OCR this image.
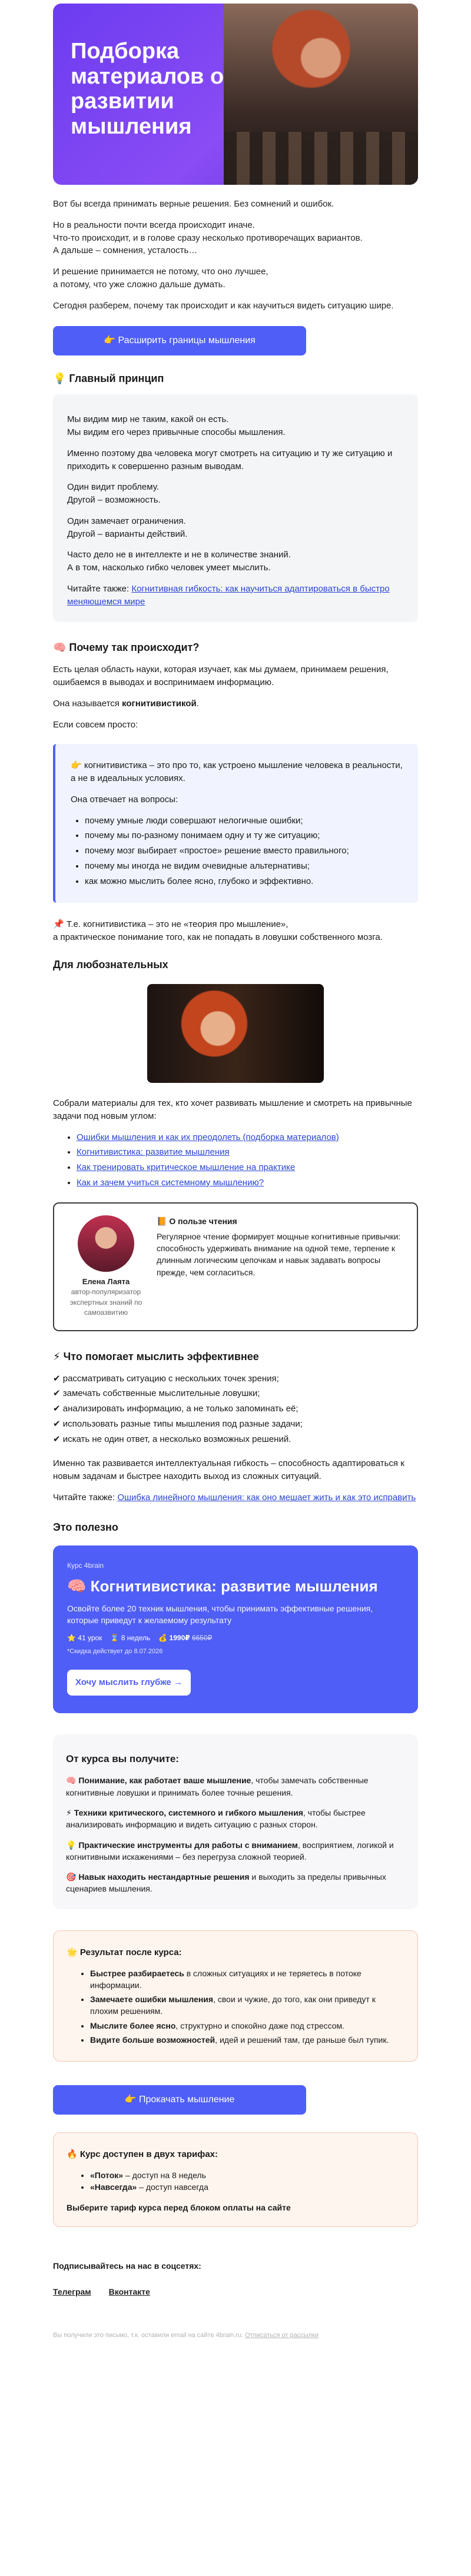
Подборка материалов о развитии мышления

Вот бы всегда принимать верные решения. Без сомнений и ошибок.

Но в реальности почти всегда происходит иначе.
Что-то происходит, и в голове сразу несколько противоречащих вариантов.
А дальше – сомнения, усталость…

И решение принимается не потому, что оно лучшее,
а потому, что уже сложно дальше думать.

Сегодня разберем, почему так происходит и как научиться видеть ситуацию шире.

👉 Расширить границы мышления
💡 Главный принцип

Мы видим мир не таким, какой он есть.
Мы видим его через привычные способы мышления.

Именно поэтому два человека могут смотреть на ситуацию и ту же ситуацию и приходить к совершенно разным выводам.

Один видит проблему.
Другой – возможность.

Один замечает ограничения.
Другой – варианты действий.

Часто дело не в интеллекте и не в количестве знаний.
А в том, насколько гибко человек умеет мыслить.

Читайте также: Когнитивная гибкость: как научиться адаптироваться в быстро меняющемся мире

🧠 Почему так происходит?

Есть целая область науки, которая изучает, как мы думаем, принимаем решения, ошибаемся в выводах и воспринимаем информацию.

Она называется когнитивистикой.

Если совсем просто:

👉 когнитивистика – это про то, как устроено мышление человека в реальности, а не в идеальных условиях.

Она отвечает на вопросы:

• почему умные люди совершают нелогичные ошибки;
• почему мы по-разному понимаем одну и ту же ситуацию;
• почему мозг выбирает «простое» решение вместо правильного;
• почему мы иногда не видим очевидные альтернативы;
• как можно мыслить более ясно, глубоко и эффективно.

📌 Т.е. когнитивистика – это не «теория про мышление»,
а практическое понимание того, как не попадать в ловушки собственного мозга.

Для любознательных

Собрали материалы для тех, кто хочет развивать мышление и смотреть на привычные задачи под новым углом:

• Ошибки мышления и как их преодолеть (подборка материалов)
• Когнитивистика: развитие мышления
• Как тренировать критическое мышление на практике
• Как и зачем учиться системному мышлению?
Елена Лаята
автор-популяризатор экспертных знаний по самоазвитию
📙 О пользе чтения
Регулярное чтение формирует мощные когнитивные привычки: способность удерживать внимание на одной теме, терпение к длинным логическим цепочкам и навык задавать вопросы прежде, чем согласиться.
⚡ Что помогает мыслить эффективнее

✔ рассматривать ситуацию с нескольких точек зрения;

✔ замечать собственные мыслительные ловушки;

✔ анализировать информацию, а не только запоминать её;

✔ использовать разные типы мышления под разные задачи;

✔ искать не один ответ, а несколько возможных решений.

Именно так развивается интеллектуальная гибкость – способность адаптироваться к новым задачам и быстрее находить выход из сложных ситуаций.

Читайте также: Ошибка линейного мышления: как оно мешает жить и как это исправить

Это полезно
Курс 4brain
🧠 Когнитивистика: развитие мышления
Освойте более 20 техник мышления, чтобы принимать эффективные решения, которые приведут к желаемому результату
⭐ 41 урок ⌛ 8 недель 💰 1990₽ 6650₽
*Скидка действует до 8.07.2026
Хочу мыслить глубже →
От курса вы получите:

🧠 Понимание, как работает ваше мышление, чтобы замечать собственные когнитивные ловушки и принимать более точные решения.

⚡ Техники критического, системного и гибкого мышления, чтобы быстрее анализировать информацию и видеть ситуацию с разных сторон.

💡 Практические инструменты для работы с вниманием, восприятием, логикой и когнитивными искажениями – без перегруза сложной теорией.

🎯 Навык находить нестандартные решения и выходить за пределы привычных сценариев мышления.

🌟 Результат после курса:
• Быстрее разбираетесь в сложных ситуациях и не теряетесь в потоке информации.
• Замечаете ошибки мышления, свои и чужие, до того, как они приведут к плохим решениям.
• Мыслите более ясно, структурно и спокойно даже под стрессом.
• Видите больше возможностей, идей и решений там, где раньше был тупик.
👉 Прокачать мышление
🔥 Курс доступен в двух тарифах:
• «Поток» – доступ на 8 недель
• «Навсегда» – доступ навсегда
Выберите тариф курса перед блоком оплаты на сайте
Подписывайтесь на нас в соцсетях:
Телеграм Вконтакте
Вы получили это письмо, т.к. оставили email на сайте 4brain.ru. Отписаться от рассылки
